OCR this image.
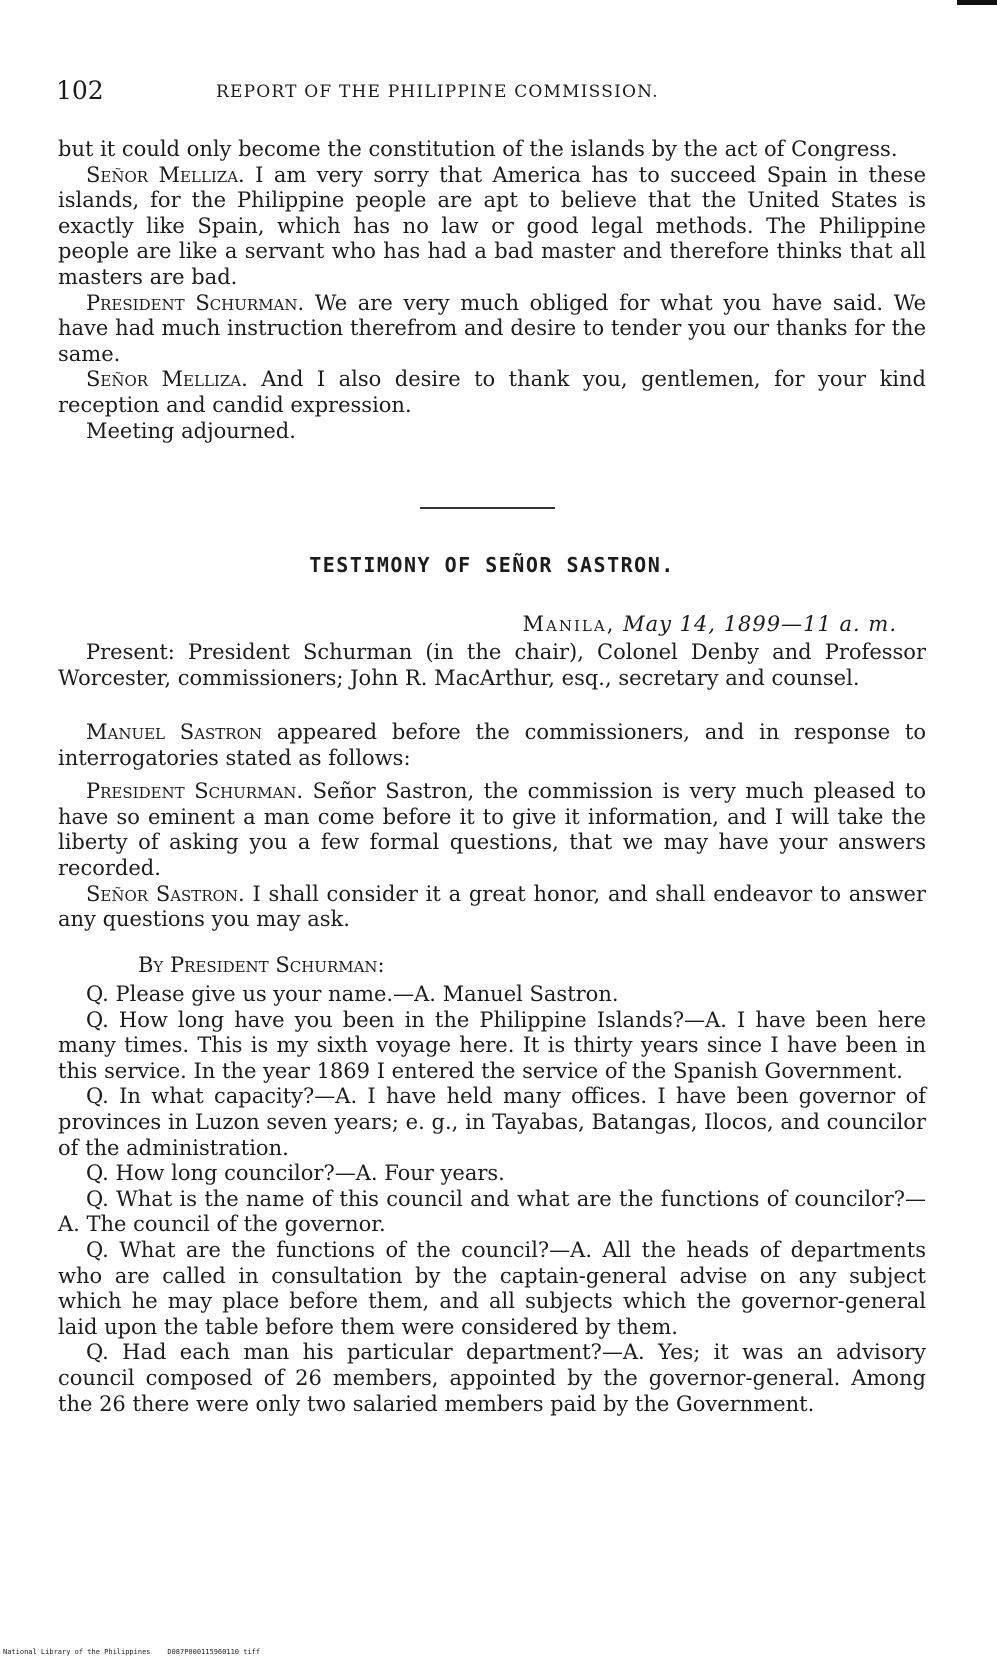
102	REPORT OF THE PHILIPPINE COMMISSION.

but it could only become the constitution of the islands by the act of Congress.

Señor Melliza. I am very sorry that America has to succeed Spain in these islands, for the Philippine people are apt to believe that the United States is exactly like Spain, which has no law or good legal methods. The Philippine people are like a servant who has had a bad master and therefore thinks that all masters are bad.

President Schurman. We are very much obliged for what you have said. We have had much instruction therefrom and desire to tender you our thanks for the same.

Señor Melliza. And I also desire to thank you, gentlemen, for your kind reception and candid expression.

Meeting adjourned.

TESTIMONY OF SEÑOR SASTRON.
Manila, May 14, 1899—11 a. m.

Present: President Schurman (in the chair), Colonel Denby and Professor Worcester, commissioners; John R. MacArthur, esq., secretary and counsel.

Manuel Sastron appeared before the commissioners, and in response to interrogatories stated as follows:

President Schurman. Señor Sastron, the commission is very much pleased to have so eminent a man come before it to give it information, and I will take the liberty of asking you a few formal questions, that we may have your answers recorded.

Señor Sastron. I shall consider it a great honor, and shall endeavor to answer any questions you may ask.

By President Schurman:

Q. Please give us your name.—A. Manuel Sastron.

Q. How long have you been in the Philippine Islands?—A. I have been here many times. This is my sixth voyage here. It is thirty years since I have been in this service. In the year 1869 I entered the service of the Spanish Government.

Q. In what capacity?—A. I have held many offices. I have been governor of provinces in Luzon seven years; e. g., in Tayabas, Batangas, Ilocos, and councilor of the administration.

Q. How long councilor?—A. Four years.

Q. What is the name of this council and what are the functions of councilor?—A. The council of the governor.

Q. What are the functions of the council?—A. All the heads of departments who are called in consultation by the captain-general advise on any subject which he may place before them, and all subjects which the governor-general laid upon the table before them were considered by them.

Q. Had each man his particular department?—A. Yes; it was an advisory council composed of 26 members, appointed by the governor-general. Among the 26 there were only two salaried members paid by the Government.

National Library of the Philippines    D087P000115960110 tiff
